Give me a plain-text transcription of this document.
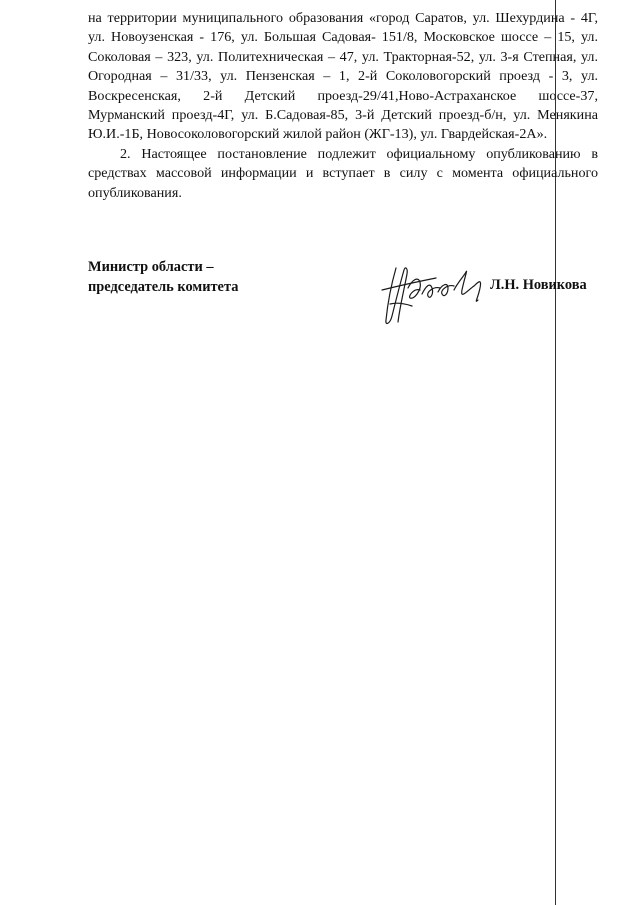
на территории муниципального образования «город Саратов, ул. Шехурдина - 4Г, ул. Новоузенская - 176, ул. Большая Садовая- 151/8, Московское шоссе – 15, ул. Соколовая – 323, ул. Политехническая – 47, ул. Тракторная-52, ул. 3-я Степная, ул. Огородная – 31/33, ул. Пензенская – 1, 2-й Соколовогорский проезд - 3, ул. Воскресенская, 2-й Детский проезд-29/41,Ново-Астраханское шоссе-37, Мурманский проезд-4Г, ул. Б.Садовая-85, 3-й Детский проезд-б/н, ул. Менякина Ю.И.-1Б, Новосоколовогорский жилой район (ЖГ-13), ул. Гвардейская-2А».

2. Настоящее постановление подлежит официальному опубликованию в средствах массовой информации и вступает в силу с момента официального опубликования.

Министр области –
председатель комитета	Л.Н. Новикова
